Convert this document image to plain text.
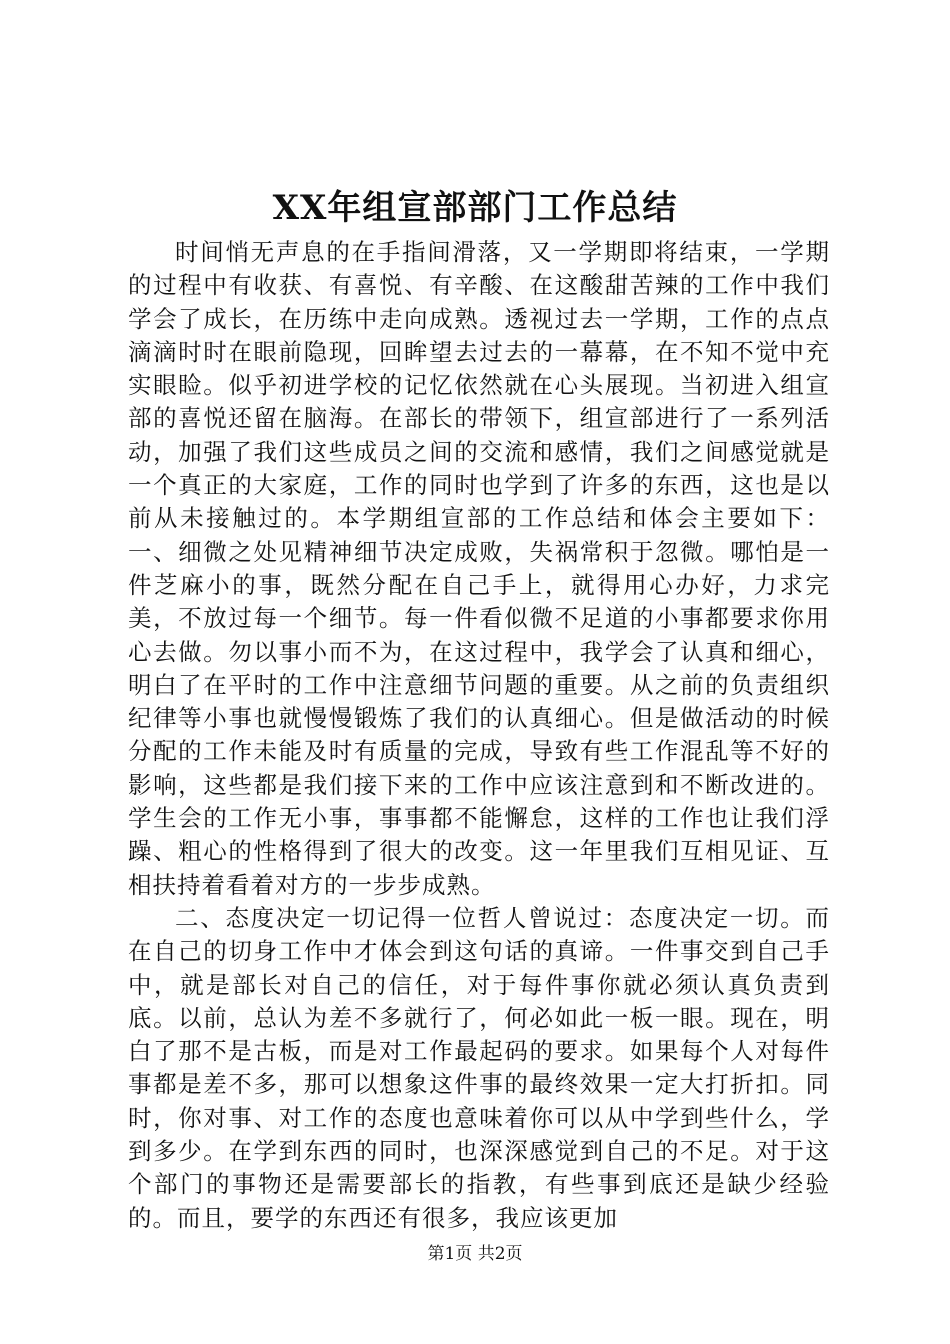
XX年组宣部部门工作总结

时间悄无声息的在手指间滑落，又一学期即将结束，一学期的过程中有收获、有喜悦、有辛酸、在这酸甜苦辣的工作中我们学会了成长，在历练中走向成熟。透视过去一学期，工作的点点滴滴时时在眼前隐现，回眸望去过去的一幕幕，在不知不觉中充实眼睑。似乎初进学校的记忆依然就在心头展现。当初进入组宣部的喜悦还留在脑海。在部长的带领下，组宣部进行了一系列活动，加强了我们这些成员之间的交流和感情，我们之间感觉就是一个真正的大家庭，工作的同时也学到了许多的东西，这也是以前从未接触过的。本学期组宣部的工作总结和体会主要如下：一、细微之处见精神细节决定成败，失祸常积于忽微。哪怕是一件芝麻小的事，既然分配在自己手上，就得用心办好，力求完美，不放过每一个细节。每一件看似微不足道的小事都要求你用心去做。勿以事小而不为，在这过程中，我学会了认真和细心，明白了在平时的工作中注意细节问题的重要。从之前的负责组织纪律等小事也就慢慢锻炼了我们的认真细心。但是做活动的时候分配的工作未能及时有质量的完成，导致有些工作混乱等不好的影响，这些都是我们接下来的工作中应该注意到和不断改进的。学生会的工作无小事，事事都不能懈怠，这样的工作也让我们浮躁、粗心的性格得到了很大的改变。这一年里我们互相见证、互相扶持着看着对方的一步步成熟。

二、态度决定一切记得一位哲人曾说过：态度决定一切。而在自己的切身工作中才体会到这句话的真谛。一件事交到自己手中，就是部长对自己的信任，对于每件事你就必须认真负责到底。以前，总认为差不多就行了，何必如此一板一眼。现在，明白了那不是古板，而是对工作最起码的要求。如果每个人对每件事都是差不多，那可以想象这件事的最终效果一定大打折扣。同时，你对事、对工作的态度也意味着你可以从中学到些什么，学到多少。在学到东西的同时，也深深感觉到自己的不足。对于这个部门的事物还是需要部长的指教，有些事到底还是缺少经验的。而且，要学的东西还有很多，我应该更加

第1页 共2页
